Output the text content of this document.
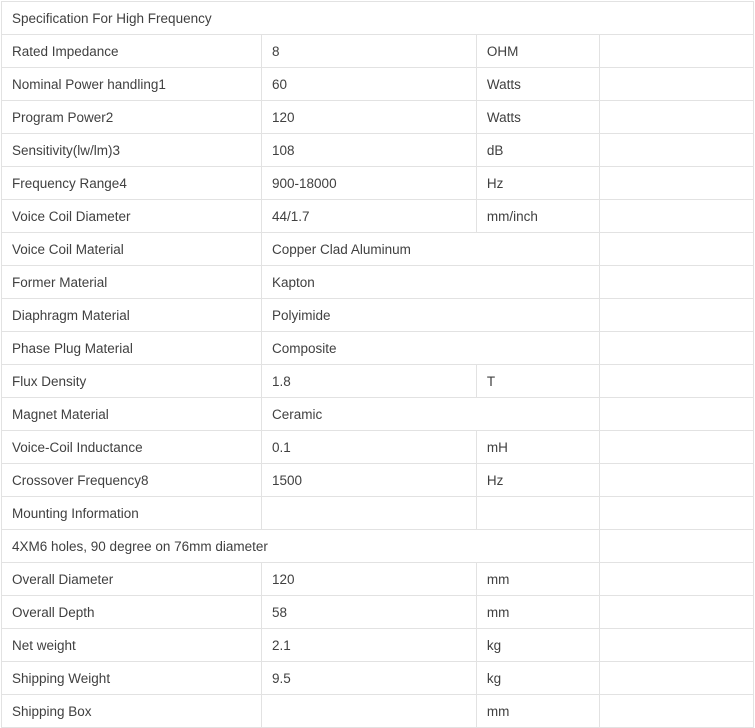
Specification For High Frequency			
Rated Impedance	8	OHM	
Nominal Power handling1	60	Watts	
Program Power2	120	Watts	
Sensitivity(lw/lm)3	108	dB	
Frequency Range4	900-18000	Hz	
Voice Coil Diameter	44/1.7	mm/inch	
Voice Coil Material	Copper Clad Aluminum		
Former Material	Kapton		
Diaphragm Material	Polyimide		
Phase Plug Material	Composite		
Flux Density	1.8	T	
Magnet Material	Ceramic		
Voice-Coil Inductance	0.1	mH	
Crossover Frequency8	1500	Hz	
Mounting Information			
4XM6 holes, 90 degree on 76mm diameter			
Overall Diameter	120	mm	
Overall Depth	58	mm	
Net weight	2.1	kg	
Shipping Weight	9.5	kg	
Shipping Box		mm	
